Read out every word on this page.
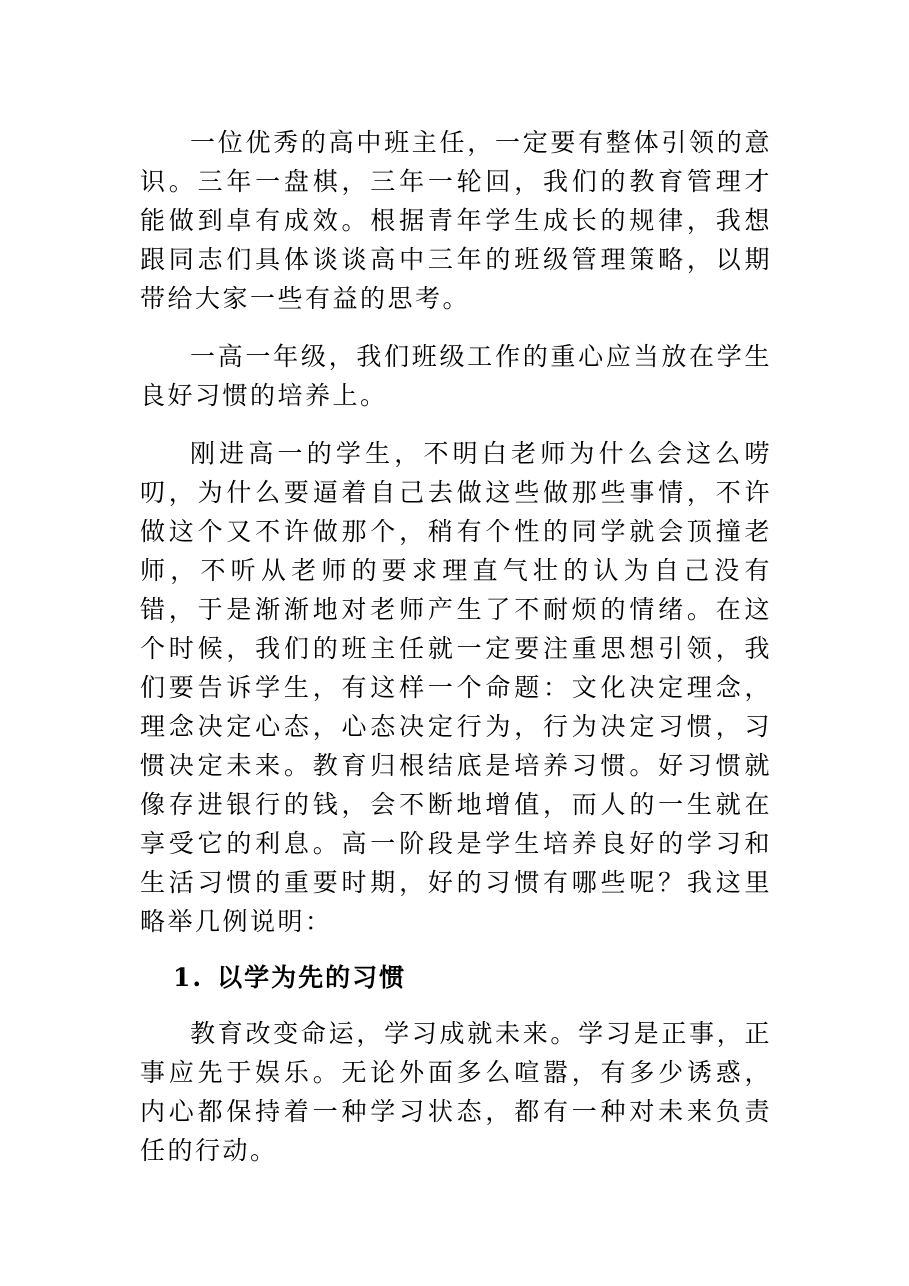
一位优秀的高中班主任，一定要有整体引领的意识。三年一盘棋，三年一轮回，我们的教育管理才能做到卓有成效。根据青年学生成长的规律，我想跟同志们具体谈谈高中三年的班级管理策略，以期带给大家一些有益的思考。

一高一年级，我们班级工作的重心应当放在学生良好习惯的培养上。

刚进高一的学生，不明白老师为什么会这么唠叨，为什么要逼着自己去做这些做那些事情，不许做这个又不许做那个，稍有个性的同学就会顶撞老师，不听从老师的要求理直气壮的认为自己没有错，于是渐渐地对老师产生了不耐烦的情绪。在这个时候，我们的班主任就一定要注重思想引领，我们要告诉学生，有这样一个命题：文化决定理念，理念决定心态，心态决定行为，行为决定习惯，习惯决定未来。教育归根结底是培养习惯。好习惯就像存进银行的钱，会不断地增值，而人的一生就在享受它的利息。高一阶段是学生培养良好的学习和生活习惯的重要时期，好的习惯有哪些呢？我这里略举几例说明：

1. 以学为先的习惯

教育改变命运，学习成就未来。学习是正事，正事应先于娱乐。无论外面多么喧嚣，有多少诱惑，内心都保持着一种学习状态，都有一种对未来负责任的行动。
